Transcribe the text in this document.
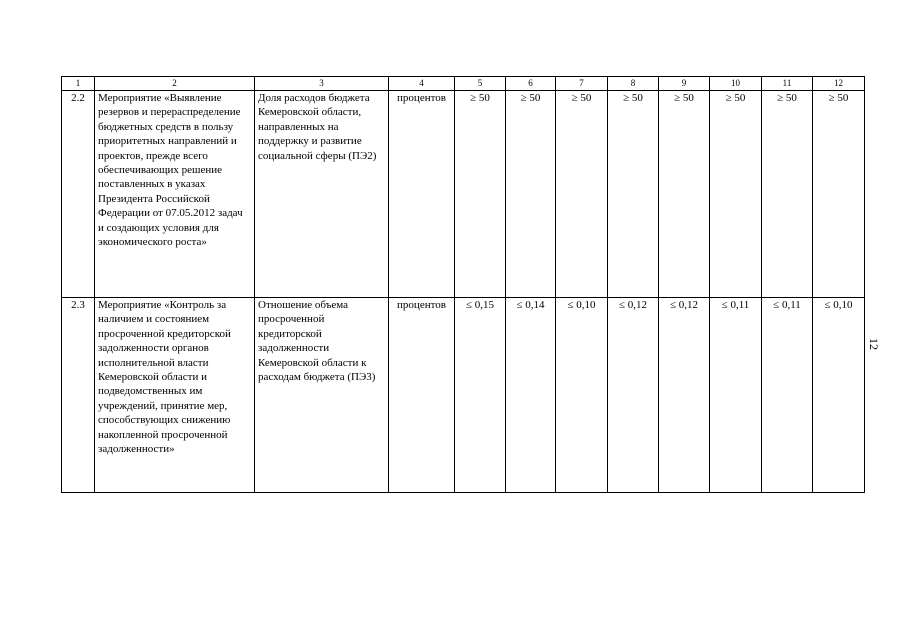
1	2	3	4	5	6	7	8	9	10	11	12
2.2	Мероприятие «Выявление резервов и перераспределение бюджетных средств в пользу приоритетных направлений и проектов, прежде всего обеспечивающих решение поставленных в указах Президента Российской Федерации от 07.05.2012 задач и создающих условия для экономического роста»	Доля расходов бюджета Кемеровской области, направленных на поддержку и развитие социальной сферы (ПЭ2)	процентов	≥ 50	≥ 50	≥ 50	≥ 50	≥ 50	≥ 50	≥ 50	≥ 50
2.3	Мероприятие «Контроль за наличием и состоянием просроченной кредиторской задолженности органов исполнительной власти Кемеровской области и подведомственных им учреждений, принятие мер, способствующих снижению накопленной просроченной задолженности»	Отношение объема просроченной кредиторской задолженности Кемеровской области к расходам бюджета (ПЭ3)	процентов	≤ 0,15	≤ 0,14	≤ 0,10	≤ 0,12	≤ 0,12	≤ 0,11	≤ 0,11	≤ 0,10
12
